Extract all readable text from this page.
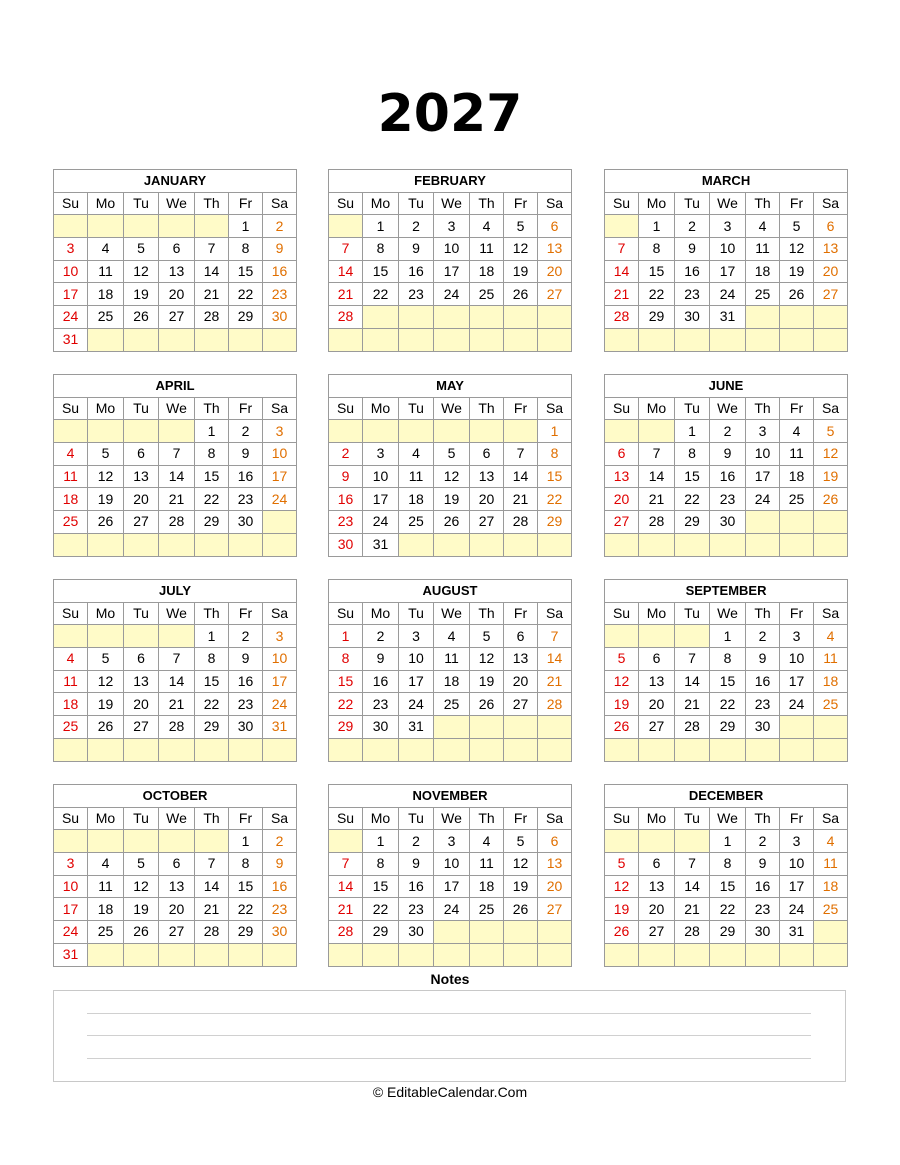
2027
JANUARY						
Su	Mo	Tu	We	Th	Fr	Sa
					1	2
3	4	5	6	7	8	9
10	11	12	13	14	15	16
17	18	19	20	21	22	23
24	25	26	27	28	29	30
31						
FEBRUARY						
Su	Mo	Tu	We	Th	Fr	Sa
	1	2	3	4	5	6
7	8	9	10	11	12	13
14	15	16	17	18	19	20
21	22	23	24	25	26	27
28						

MARCH						
Su	Mo	Tu	We	Th	Fr	Sa
	1	2	3	4	5	6
7	8	9	10	11	12	13
14	15	16	17	18	19	20
21	22	23	24	25	26	27
28	29	30	31			

APRIL						
Su	Mo	Tu	We	Th	Fr	Sa
				1	2	3
4	5	6	7	8	9	10
11	12	13	14	15	16	17
18	19	20	21	22	23	24
25	26	27	28	29	30	

MAY						
Su	Mo	Tu	We	Th	Fr	Sa
						1
2	3	4	5	6	7	8
9	10	11	12	13	14	15
16	17	18	19	20	21	22
23	24	25	26	27	28	29
30	31					
JUNE						
Su	Mo	Tu	We	Th	Fr	Sa
		1	2	3	4	5
6	7	8	9	10	11	12
13	14	15	16	17	18	19
20	21	22	23	24	25	26
27	28	29	30			

JULY						
Su	Mo	Tu	We	Th	Fr	Sa
				1	2	3
4	5	6	7	8	9	10
11	12	13	14	15	16	17
18	19	20	21	22	23	24
25	26	27	28	29	30	31

AUGUST						
Su	Mo	Tu	We	Th	Fr	Sa
1	2	3	4	5	6	7
8	9	10	11	12	13	14
15	16	17	18	19	20	21
22	23	24	25	26	27	28
29	30	31				

SEPTEMBER						
Su	Mo	Tu	We	Th	Fr	Sa
			1	2	3	4
5	6	7	8	9	10	11
12	13	14	15	16	17	18
19	20	21	22	23	24	25
26	27	28	29	30		

OCTOBER						
Su	Mo	Tu	We	Th	Fr	Sa
					1	2
3	4	5	6	7	8	9
10	11	12	13	14	15	16
17	18	19	20	21	22	23
24	25	26	27	28	29	30
31						
NOVEMBER						
Su	Mo	Tu	We	Th	Fr	Sa
	1	2	3	4	5	6
7	8	9	10	11	12	13
14	15	16	17	18	19	20
21	22	23	24	25	26	27
28	29	30				

DECEMBER						
Su	Mo	Tu	We	Th	Fr	Sa
			1	2	3	4
5	6	7	8	9	10	11
12	13	14	15	16	17	18
19	20	21	22	23	24	25
26	27	28	29	30	31	

Notes
© EditableCalendar.Com
